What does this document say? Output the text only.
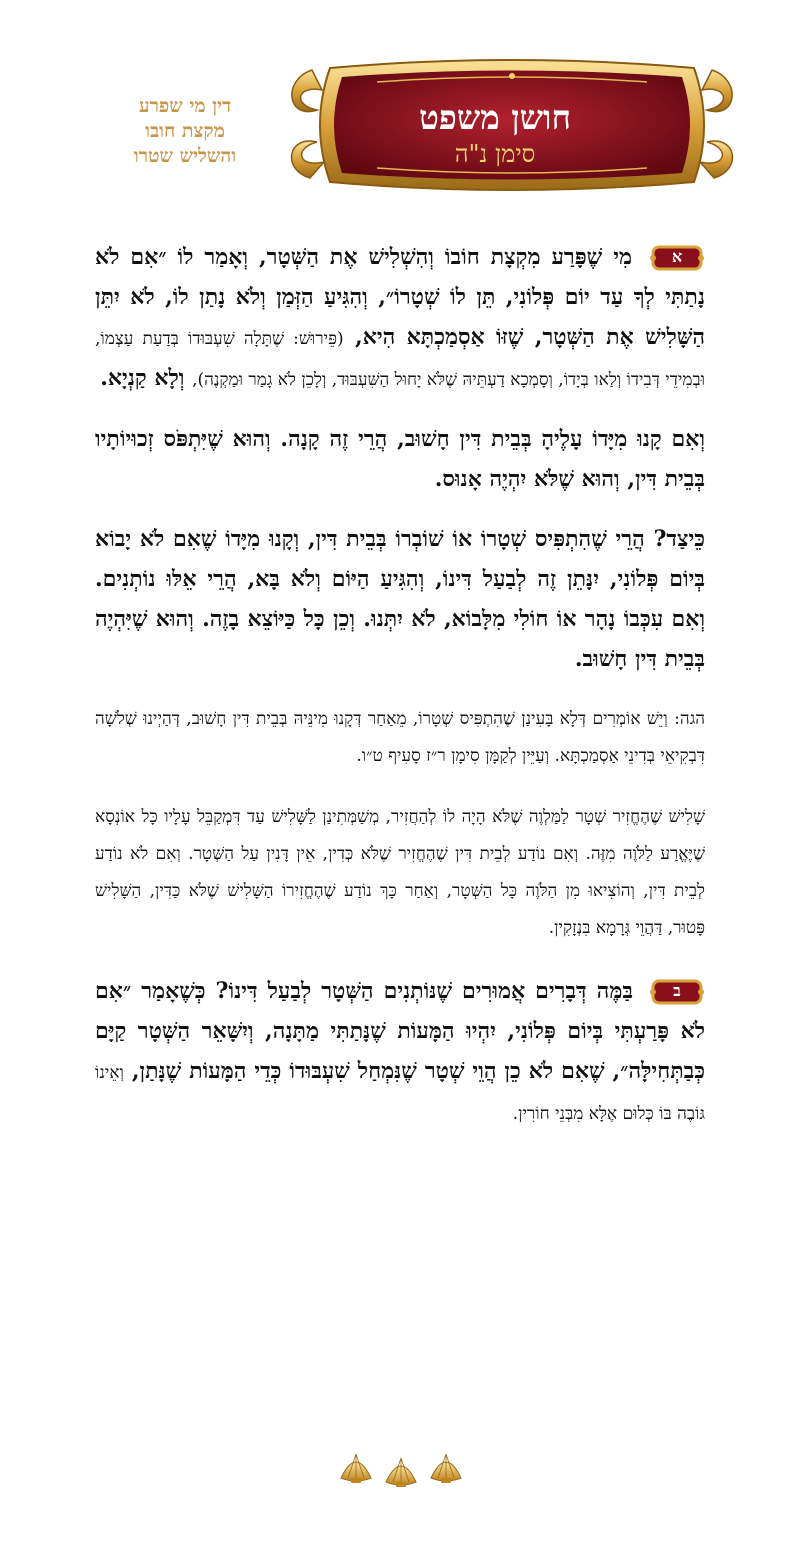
דין מי שפרע
מקצת חובו
והשליש שטרו
חושן משפט
סימן נ"ה

א
מִי שֶׁפָּרַע מִקְצָת חוֹבוֹ וְהִשְׁלִישׁ אֶת הַשְּׁטָר, וְאָמַר לוֹ ״אִם לֹא נָתַתִּי לְךָ עַד יוֹם פְּלוֹנִי, תֵּן לוֹ שְׁטָרוֹ״, וְהִגִּיעַ הַזְּמַן וְלֹא נָתַן לוֹ, לֹא יִתֵּן הַשָּׁלִישׁ אֶת הַשְּׁטָר, שֶׁזּוֹ אַסְמַכְתָּא הִיא, (פֵּירוּשׁ: שֶׁתָּלָה שִׁעְבּוּדוֹ בְּדַעַת עַצְמוֹ, וּבְמִידֵי דְּבִידוֹ וְלַאו בְּיָדוֹ, וְסָמְכָא דַעְתֵּיהּ שֶׁלֹּא יָחוּל הַשִּׁעְבּוּד, וְלָכֵן לֹא גָמַר וּמַקְנֶה), וְלָא קַנְיָא.

וְאִם קָנוּ מִיָּדוֹ עָלֶיהָ בְּבֵית דִּין חָשׁוּב, הֲרֵי זֶה קָנָה. וְהוּא שֶׁיִּתְפֹּס זְכוּיוֹתָיו בְּבֵית דִּין, וְהוּא שֶׁלֹּא יִהְיֶה אָנוּס.

כֵּיצַד? הֲרֵי שֶׁהִתְפִּיס שְׁטָרוֹ אוֹ שׁוֹבְרוֹ בְּבֵית דִּין, וְקָנוּ מִיָּדוֹ שֶׁאִם לֹא יָבוֹא בְּיוֹם פְּלוֹנִי, יִנָּתֵן זֶה לְבַעַל דִּינוֹ, וְהִגִּיעַ הַיּוֹם וְלֹא בָּא, הֲרֵי אֵלּוּ נוֹתְנִים. וְאִם עִכְּבוֹ נָהָר אוֹ חוֹלִי מִלָּבוֹא, לֹא יִתְּנוּ. וְכֵן כָּל כַּיּוֹצֵא בָזֶה. וְהוּא שֶׁיִּהְיֶה בְּבֵית דִּין חָשׁוּב.

הגה: וְיֵשׁ אוֹמְרִים דְּלָא בָּעִינַן שֶׁהִתְפִּיס שְׁטָרוֹ, מֵאַחַר דְּקָנוּ מִינֵּיהּ בְּבֵית דִּין חָשׁוּב, דְּהַיְינוּ שְׁלֹשָׁה דִּבְקִיאֵי בְּדִינֵי אַסְמַכְתָּא. וְעַיֵּין לְקַמָּן סִימָן ר״ז סָעִיף ט״ו.

שָׁלִישׁ שֶׁהֶחֱזִיר שְׁטָר לַמַּלְוֶה שֶׁלֹּא הָיָה לוֹ לְהַחֲזִיר, מְשַׁמְּתִינַן לַשָּׁלִישׁ עַד דִּמְקַבֵּל עָלָיו כָּל אוֹנְסָא שֶׁיֶּאֱרַע לַלֹּוֶה מִזֶּה. וְאִם נוֹדַע לְבֵית דִּין שֶׁהֶחֱזִיר שֶׁלֹּא כְּדִין, אֵין דָּנִין עַל הַשְּׁטָר. וְאִם לֹא נוֹדַע לְבֵית דִּין, וְהוֹצִיאוּ מִן הַלֹּוֶה כָּל הַשְּׁטָר, וְאַחַר כָּךְ נוֹדַע שֶׁהֶחֱזִירוֹ הַשָּׁלִישׁ שֶׁלֹּא כַּדִּין, הַשָּׁלִישׁ פָּטוּר, דַּהֲוֵי גְּרָמָא בִּנְזָקִין.

ב
בַּמֶּה דְּבָרִים אֲמוּרִים שֶׁנּוֹתְנִים הַשְּׁטָר לְבַעַל דִּינוֹ? כְּשֶׁאָמַר ״אִם לֹא פָּרַעְתִּי בְּיוֹם פְּלוֹנִי, יִהְיוּ הַמָּעוֹת שֶׁנָּתַתִּי מַתָּנָה, וְיִשָּׁאֵר הַשְּׁטָר קַיָּם כְּבַתְּחִילָּה״, שֶׁאִם לֹא כֵן הֲוֵי שְׁטָר שֶׁנִּמְחַל שִׁעְבּוּדוֹ כְּדֵי הַמָּעוֹת שֶׁנָּתַן, וְאֵינוֹ גּוֹבֶה בּוֹ כְּלוּם אֶלָּא מִבְּנֵי חוֹרִין.
